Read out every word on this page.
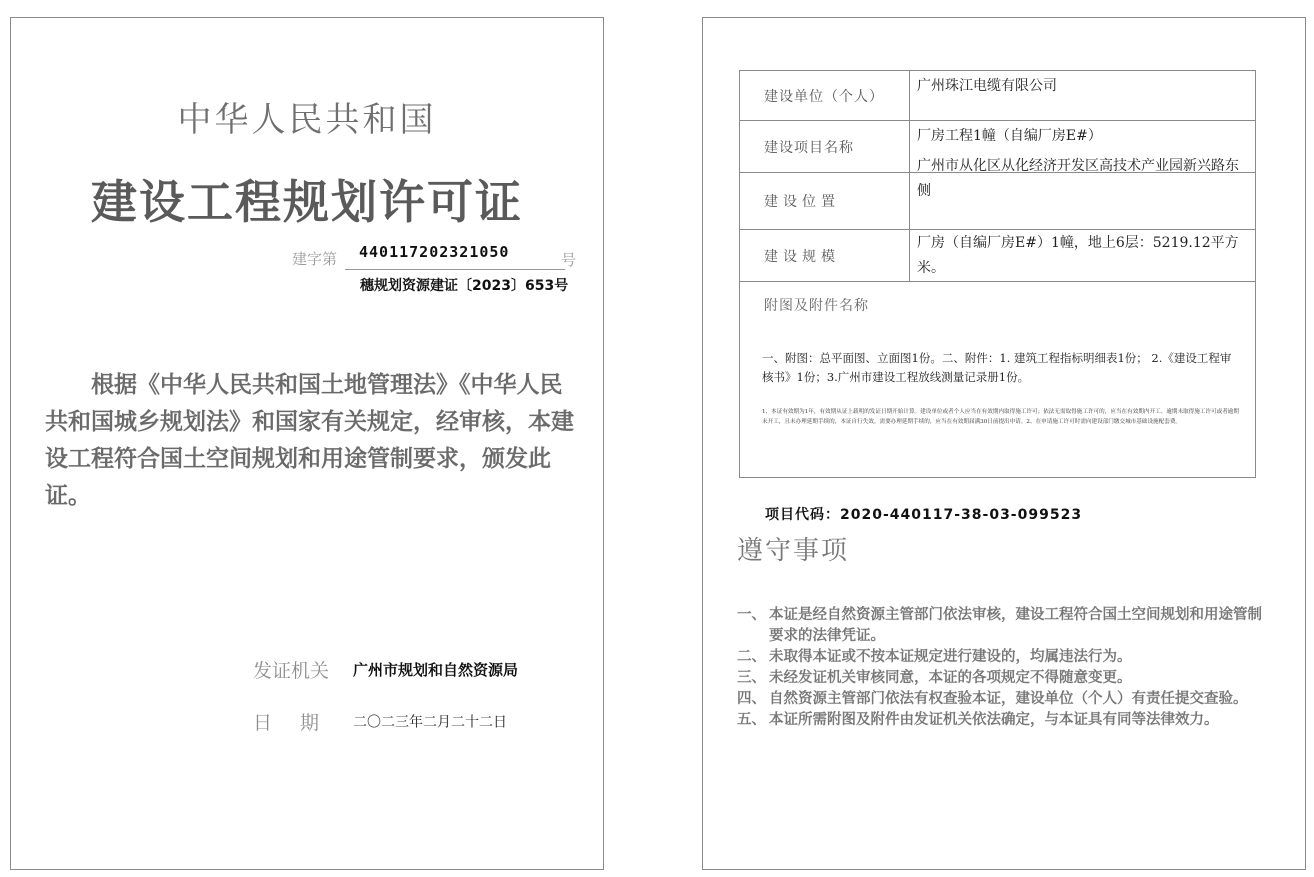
中华人民共和国
建设工程规划许可证
建字第 440117202321050	号
穗规划资源建证〔2023〕653号

根据《中华人民共和国土地管理法》《中华人民共和国城乡规划法》和国家有关规定，经审核，本建设工程符合国土空间规划和用途管制要求，颁发此证。

发证机关 广州市规划和自然资源局
日期 二〇二三年二月二十二日
建设单位（个人）
广州珠江电缆有限公司
建设项目名称
厂房工程1幢（自编厂房E#）
建设位置
广州市从化区从化经济开发区高技术产业园新兴路东侧
建设规模
厂房（自编厂房E#）1幢，地上6层：5219.12平方米。
附图及附件名称
一、附图：总平面图、立面图1份。二、附件：1. 建筑工程指标明细表1份； 2.《建设工程审核书》1份；3.广州市建设工程放线测量记录册1份。
1、本证有效期为1年，有效期从证上载明的发证日期开始计算。建设单位或者个人应当在有效期内取得施工许可；依法无需取得施工许可的，应当在有效期内开工。逾期未取得施工许可或者逾期未开工，且未办理延期手续的，本证自行失效。需要办理延期手续的，应当在有效期届满30日前提出申请。2、在申请施工许可时需向建设部门缴交城市基础设施配套费。
项目代码：2020-440117-38-03-099523
遵守事项
一、 本证是经自然资源主管部门依法审核，建设工程符合国土空间规划和用途管制要求的法律凭证。
二、 未取得本证或不按本证规定进行建设的，均属违法行为。
三、 未经发证机关审核同意，本证的各项规定不得随意变更。
四、 自然资源主管部门依法有权查验本证，建设单位（个人）有责任提交查验。
五、 本证所需附图及附件由发证机关依法确定，与本证具有同等法律效力。
